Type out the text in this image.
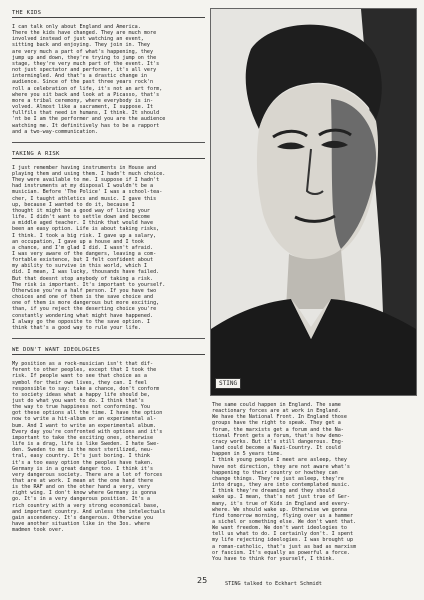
THE KIDS

I can talk only about England and America.
There the kids have changed. They are much more
involved instead of just watching an event,
sitting back and enjoying. They join in. They
are very much a part of what's happening, they
jump up and down, they're trying to jump on the
stage, they're very much part of the event. It's
not just spectator and performer, it's all very
intermingled. And that's a drastic change in
audience. Since of the past three years rock'n
roll a celebration of life, it's not an art form,
where you sit back and look at a Picasso, that's
more a tribal ceremony, where everybody is in-
volved. Almost like a sacrament, I suppose. It
fullfils that need in humans, I think. It should
'nt be I am the performer and you are the audience
watching me. It definitively has to be a rapport
and a two-way-communication.

TAKING A RISK

I just remember having instruments in House and
playing them and using them. I hadn't much choice.
They were available to me. I suppose if I hadn't
had instruments at my disposal I wouldn't be a
musician. Before 'The Police' I was a school-tea-
cher, I taught athletics and music. I gave this
up, because I wanted to do it, because I
thought it might be a good way of living your
life. I didn't want to settle down and become
a middle aged teacher. I think that would have
been an easy option. Life is about taking risks,
I think. I took a big risk. I gave up a salary,
an occupation, I gave up a house and I took
a chance, and I'm glad I did. I wasn't afraid.
I was very aware of the dangers, leaving a com-
fortable existence, but I felt confident about
my ability to survive in this world, which I
did. I mean, I was lucky, thousands have failed.
But that doesnt stop anybody of taking a risk.
The risk is important. It's important to yourself.
Otherwise you're a half person. If you have two
choices and one of them is the save choice and
one of them is more dangerous but more exciting,
than, if you reject the deserting choice you're
constantly wondering what might have happened.
I alway go the opposite to the save option. I
think that's a good way to rule your life.

WE DON'T WANT IDEOLOGIES

My position as a rock-musician isn't that dif-
ferent to other peoples, except that I took the
risk. If people want to see that choice as a
symbol for their own lives, they can. I feel
responsible to say: take a chance, don't conform
to society ideas what a happy life should be,
just do what you want to do. I think that's
the way to true happiness not conforming. You
got these options all the time. I have the option
now to write a hit-album or an experimental al-
bum. And I want to write an experimental album.
Every day you're confronted with options and it's
important to take the exciting ones, otherwise
life is a drag, life is like Sweden. I hate Swe-
den. Sweden to me is the most sterilized, neu-
tral, easy country. It's just boring. I think
it's a too easy option the peoples have taken.
Germany is in a great danger too. I think it's
very dangerous society. There are a lot of forces
that are at work. I mean at the one hand there
is the RAF and on the other hand a very, very
right wing. I don't know where Germany is gonna
go. It's in a very dangerous position. It's a
rich country with a very strong economical base,
and important country. And unless the intelectuals
gain ascendency. It's dangerous. Otherwise you
have another situation like in the 3os. where
madmen took over.

STING

The same could happen in England. The same
reactionary forces are at work in England.
We have the National Front. In England those
groups have the right to speak. They get a
forum, the marxists get a forum and the Na-
tional Front gets a forum, that's how demo-
cracy works. But it's still dangerous. Eng-
land could become a Nazi-Country. It could
happen in 5 years time.
I think young people I meet are asleep, they
have not direction, they are not aware what's
happening to their country or howthey can
change things. They're just asleep, they're
into drugs, they are into contemplated music.
I think they're dreaming and they should
wake up. I mean, that's not just true of Ger-
many, it's true of Kids in England and every-
where. We should wake up. Otherwise we gonna
find tomorrow morning, flying over us a hammer
a sichel or something else. We don't want that.
We want freedom. We don't want ideologies to
tell us what to do. I certainly don't. I spent
my life rejecting ideologies. I was brought up
a roman-catholic, that's just as bad as marxism
or fascism. It's equally as powerful a force.
You have to think for yourself, I think.

25	STING talked to Eckhart Schmidt
